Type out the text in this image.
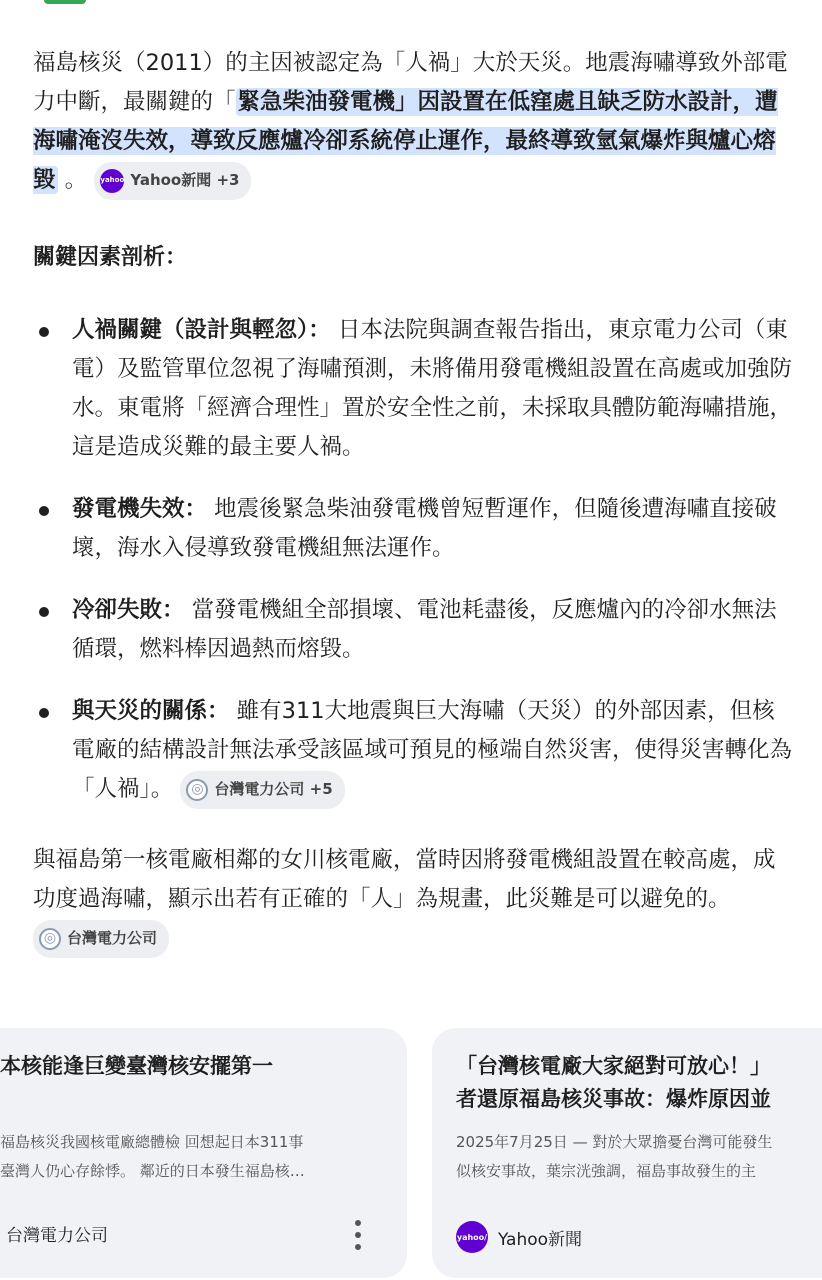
福島核災（2011）的主因被認定為「人禍」大於天災。地震海嘯導致外部電力中斷，最關鍵的「緊急柴油發電機」因設置在低窪處且缺乏防水設計，遭海嘯淹沒失效，導致反應爐冷卻系統停止運作，最終導致氫氣爆炸與爐心熔毀 。 yahoo Yahoo新聞 +3

關鍵因素剖析：
人禍關鍵（設計與輕忽）： 日本法院與調查報告指出，東京電力公司（東電）及監管單位忽視了海嘯預測，未將備用發電機組設置在高處或加強防水。東電將「經濟合理性」置於安全性之前，未採取具體防範海嘯措施，這是造成災難的最主要人禍。
發電機失效： 地震後緊急柴油發電機曾短暫運作，但隨後遭海嘯直接破壞，海水入侵導致發電機組無法運作。
冷卻失敗： 當發電機組全部損壞、電池耗盡後，反應爐內的冷卻水無法循環，燃料棒因過熱而熔毀。
與天災的關係： 雖有311大地震與巨大海嘯（天災）的外部因素，但核電廠的結構設計無法承受該區域可預見的極端自然災害，使得災害轉化為「人禍」。	◎ 台灣電力公司 +5

與福島第一核電廠相鄰的女川核電廠，當時因將發電機組設置在較高處，成功度過海嘯，顯示出若有正確的「人」為規畫，此災難是可以避免的。
◎ 台灣電力公司

本核能逢巨變臺灣核安擺第一
福島核災我國核電廠總體檢 回想起日本311事
臺灣人仍心存餘悸。 鄰近的日本發生福島核…
台灣電力公司
「台灣核電廠大家絕對可放心！」
者還原福島核災事故：爆炸原因並
2025年7月25日 — 對於大眾擔憂台灣可能發生
似核安事故，葉宗洸強調，福島事故發生的主
yahoo/ Yahoo新聞
